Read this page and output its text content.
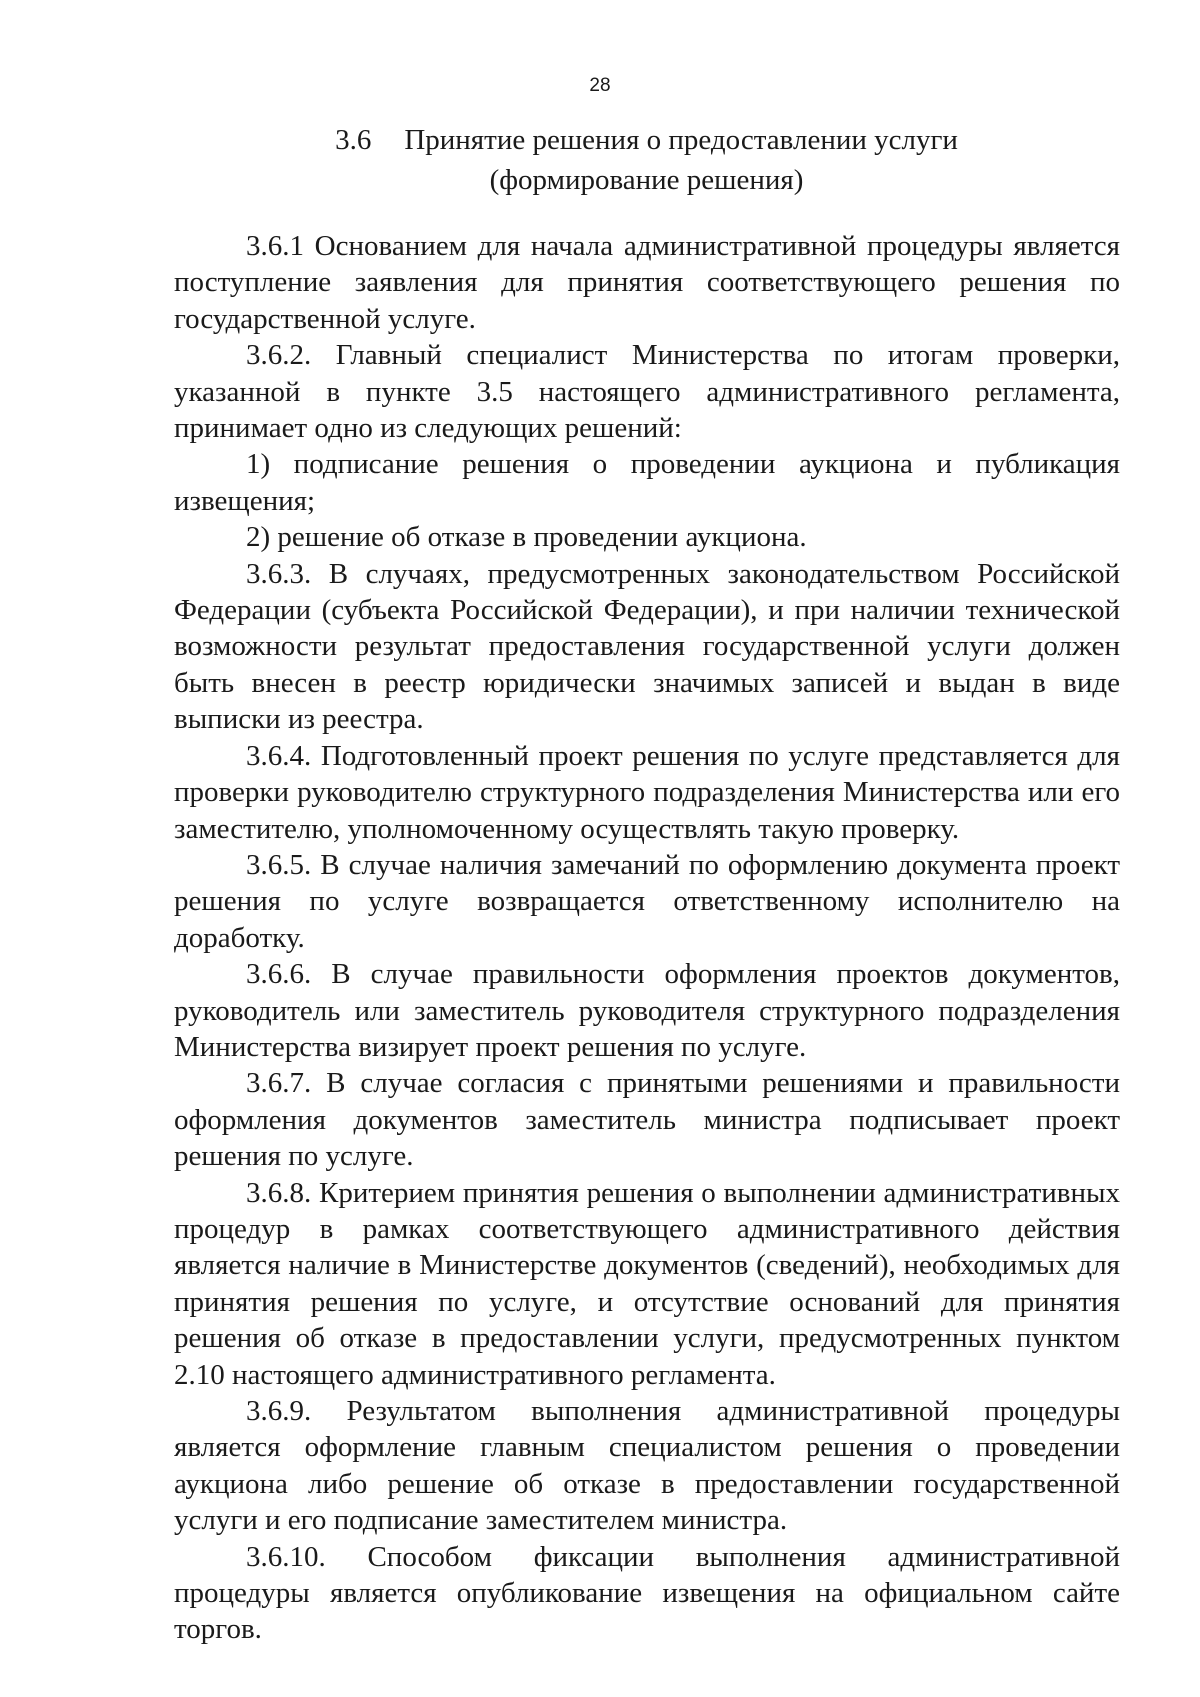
28
3.6 Принятие решения о предоставлении услуги
(формирование решения)

3.6.1 Основанием для начала административной процедуры является поступление заявления для принятия соответствующего решения по государственной услуге.

3.6.2. Главный специалист Министерства по итогам проверки, указанной в пункте 3.5 настоящего административного регламента, принимает одно из следующих решений:

1) подписание решения о проведении аукциона и публикация извещения;

2) решение об отказе в проведении аукциона.

3.6.3. В случаях, предусмотренных законодательством Российской Федерации (субъекта Российской Федерации), и при наличии технической возможности результат предоставления государственной услуги должен быть внесен в реестр юридически значимых записей и выдан в виде выписки из реестра.

3.6.4. Подготовленный проект решения по услуге представляется для проверки руководителю структурного подразделения Министерства или его заместителю, уполномоченному осуществлять такую проверку.

3.6.5. В случае наличия замечаний по оформлению документа проект решения по услуге возвращается ответственному исполнителю на доработку.

3.6.6. В случае правильности оформления проектов документов, руководитель или заместитель руководителя структурного подразделения Министерства визирует проект решения по услуге.

3.6.7. В случае согласия с принятыми решениями и правильности оформления документов заместитель министра подписывает проект решения по услуге.

3.6.8. Критерием принятия решения о выполнении административных процедур в рамках соответствующего административного действия является наличие в Министерстве документов (сведений), необходимых для принятия решения по услуге, и отсутствие оснований для принятия решения об отказе в предоставлении услуги, предусмотренных пунктом 2.10 настоящего административного регламента.

3.6.9. Результатом выполнения административной процедуры является оформление главным специалистом решения о проведении аукциона либо решение об отказе в предоставлении государственной услуги и его подписание заместителем министра.

3.6.10. Способом фиксации выполнения административной процедуры является опубликование извещения на официальном сайте торгов.
